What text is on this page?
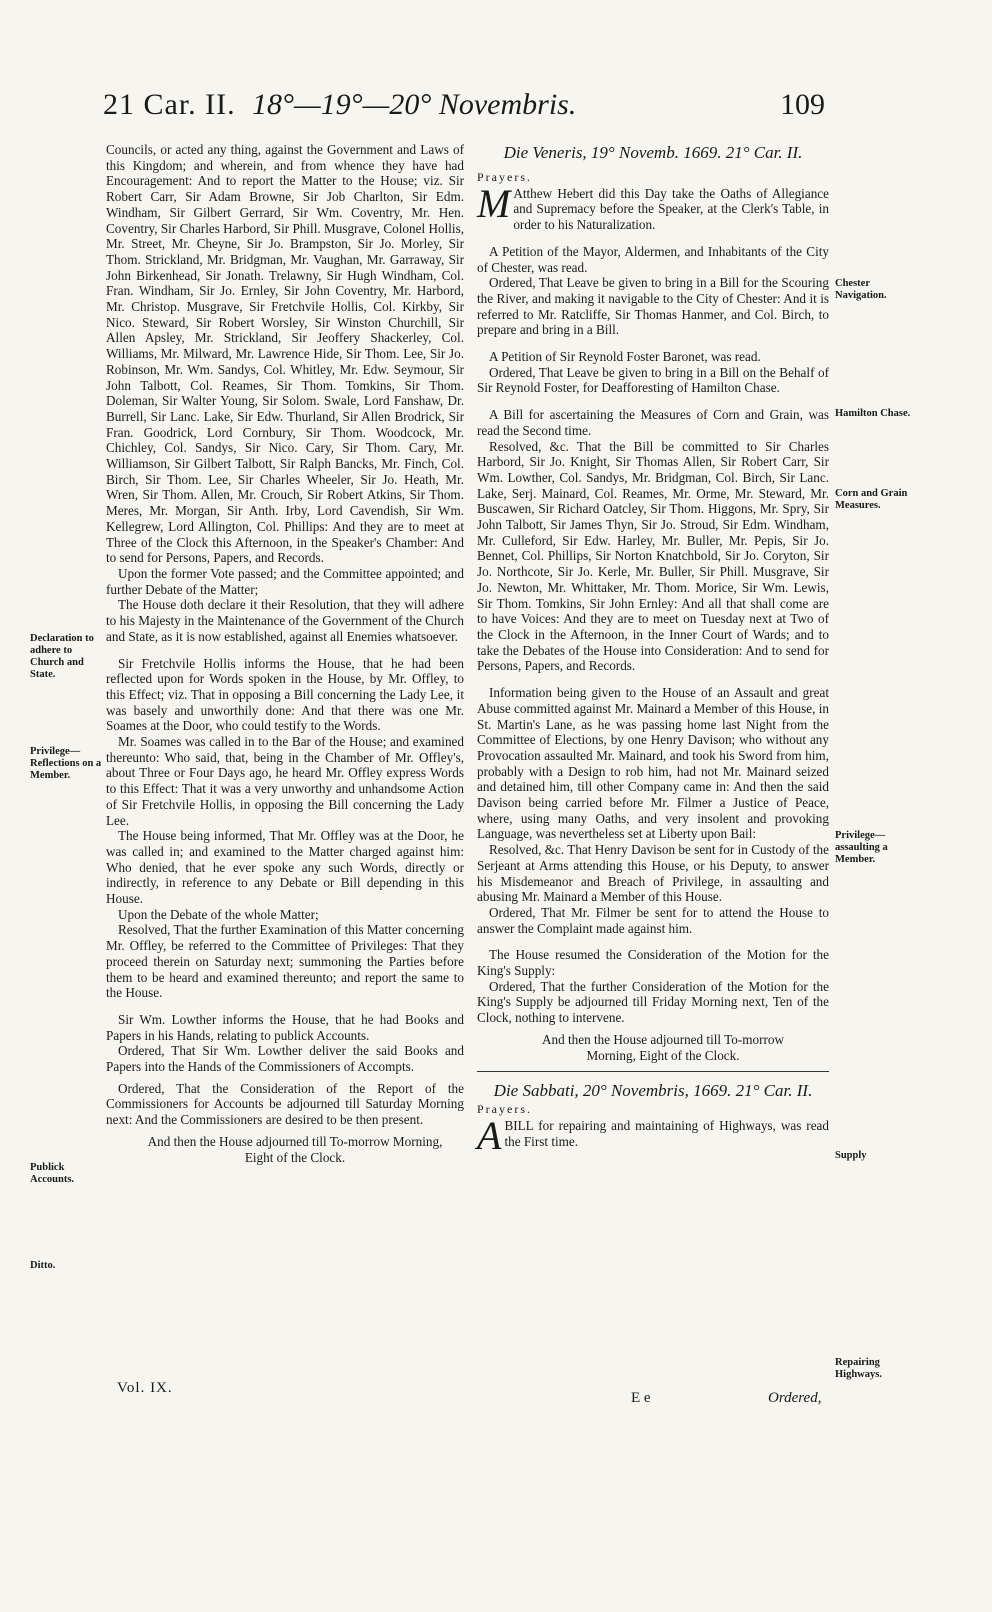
21 Car. II. 18°—19°—20° Novembris.	109
Declaration to adhere to Church and State.
Privilege—Reflections on a Member.
Publick Accounts.
Ditto.
Chester Navigation.
Hamilton Chase.
Corn and Grain Measures.
Privilege—assaulting a Member.
Supply
Repairing Highways.

Councils, or acted any thing, against the Government and Laws of this Kingdom; and wherein, and from whence they have had Encouragement: And to report the Matter to the House; viz. Sir Robert Carr, Sir Adam Browne, Sir Job Charlton, Sir Edm. Windham, Sir Gilbert Gerrard, Sir Wm. Coventry, Mr. Hen. Coventry, Sir Charles Harbord, Sir Phill. Musgrave, Colonel Hollis, Mr. Street, Mr. Cheyne, Sir Jo. Brampston, Sir Jo. Morley, Sir Thom. Strickland, Mr. Bridgman, Mr. Vaughan, Mr. Garraway, Sir John Birkenhead, Sir Jonath. Trelawny, Sir Hugh Windham, Col. Fran. Windham, Sir Jo. Ernley, Sir John Coventry, Mr. Harbord, Mr. Christop. Musgrave, Sir Fretchvile Hollis, Col. Kirkby, Sir Nico. Steward, Sir Robert Worsley, Sir Winston Churchill, Sir Allen Apsley, Mr. Strickland, Sir Jeoffery Shackerley, Col. Williams, Mr. Milward, Mr. Lawrence Hide, Sir Thom. Lee, Sir Jo. Robinson, Mr. Wm. Sandys, Col. Whitley, Mr. Edw. Seymour, Sir John Talbott, Col. Reames, Sir Thom. Tomkins, Sir Thom. Doleman, Sir Walter Young, Sir Solom. Swale, Lord Fanshaw, Dr. Burrell, Sir Lanc. Lake, Sir Edw. Thurland, Sir Allen Brodrick, Sir Fran. Goodrick, Lord Cornbury, Sir Thom. Woodcock, Mr. Chichley, Col. Sandys, Sir Nico. Cary, Sir Thom. Cary, Mr. Williamson, Sir Gilbert Talbott, Sir Ralph Bancks, Mr. Finch, Col. Birch, Sir Thom. Lee, Sir Charles Wheeler, Sir Jo. Heath, Mr. Wren, Sir Thom. Allen, Mr. Crouch, Sir Robert Atkins, Sir Thom. Meres, Mr. Morgan, Sir Anth. Irby, Lord Cavendish, Sir Wm. Kellegrew, Lord Allington, Col. Phillips: And they are to meet at Three of the Clock this Afternoon, in the Speaker's Chamber: And to send for Persons, Papers, and Records.

Upon the former Vote passed; and the Committee appointed; and further Debate of the Matter;

The House doth declare it their Resolution, that they will adhere to his Majesty in the Maintenance of the Government of the Church and State, as it is now established, against all Enemies whatsoever.

Sir Fretchvile Hollis informs the House, that he had been reflected upon for Words spoken in the House, by Mr. Offley, to this Effect; viz. That in opposing a Bill concerning the Lady Lee, it was basely and unworthily done: And that there was one Mr. Soames at the Door, who could testify to the Words.

Mr. Soames was called in to the Bar of the House; and examined thereunto: Who said, that, being in the Chamber of Mr. Offley's, about Three or Four Days ago, he heard Mr. Offley express Words to this Effect: That it was a very unworthy and unhandsome Action of Sir Fretchvile Hollis, in opposing the Bill concerning the Lady Lee.

The House being informed, That Mr. Offley was at the Door, he was called in; and examined to the Matter charged against him: Who denied, that he ever spoke any such Words, directly or indirectly, in reference to any Debate or Bill depending in this House.

Upon the Debate of the whole Matter;

Resolved, That the further Examination of this Matter concerning Mr. Offley, be referred to the Committee of Privileges: That they proceed therein on Saturday next; summoning the Parties before them to be heard and examined thereunto; and report the same to the House.

Sir Wm. Lowther informs the House, that he had Books and Papers in his Hands, relating to publick Accounts.

Ordered, That Sir Wm. Lowther deliver the said Books and Papers into the Hands of the Commissioners of Accompts.

Ordered, That the Consideration of the Report of the Commissioners for Accounts be adjourned till Saturday Morning next: And the Commissioners are desired to be then present.

And then the House adjourned till To-morrow Morning, Eight of the Clock.

Die Veneris, 19° Novemb. 1669. 21° Car. II.

Prayers.

M Atthew Hebert did this Day take the Oaths of Allegiance and Supremacy before the Speaker, at the Clerk's Table, in order to his Naturalization.

A Petition of the Mayor, Aldermen, and Inhabitants of the City of Chester, was read.

Ordered, That Leave be given to bring in a Bill for the Scouring the River, and making it navigable to the City of Chester: And it is referred to Mr. Ratcliffe, Sir Thomas Hanmer, and Col. Birch, to prepare and bring in a Bill.

A Petition of Sir Reynold Foster Baronet, was read.

Ordered, That Leave be given to bring in a Bill on the Behalf of Sir Reynold Foster, for Deafforesting of Hamilton Chase.

A Bill for ascertaining the Measures of Corn and Grain, was read the Second time.

Resolved, &c. That the Bill be committed to Sir Charles Harbord, Sir Jo. Knight, Sir Thomas Allen, Sir Robert Carr, Sir Wm. Lowther, Col. Sandys, Mr. Bridgman, Col. Birch, Sir Lanc. Lake, Serj. Mainard, Col. Reames, Mr. Orme, Mr. Steward, Mr. Buscawen, Sir Richard Oatcley, Sir Thom. Higgons, Mr. Spry, Sir John Talbott, Sir James Thyn, Sir Jo. Stroud, Sir Edm. Windham, Mr. Culleford, Sir Edw. Harley, Mr. Buller, Mr. Pepis, Sir Jo. Bennet, Col. Phillips, Sir Norton Knatchbold, Sir Jo. Coryton, Sir Jo. Northcote, Sir Jo. Kerle, Mr. Buller, Sir Phill. Musgrave, Sir Jo. Newton, Mr. Whittaker, Mr. Thom. Morice, Sir Wm. Lewis, Sir Thom. Tomkins, Sir John Ernley: And all that shall come are to have Voices: And they are to meet on Tuesday next at Two of the Clock in the Afternoon, in the Inner Court of Wards; and to take the Debates of the House into Consideration: And to send for Persons, Papers, and Records.

Information being given to the House of an Assault and great Abuse committed against Mr. Mainard a Member of this House, in St. Martin's Lane, as he was passing home last Night from the Committee of Elections, by one Henry Davison; who without any Provocation assaulted Mr. Mainard, and took his Sword from him, probably with a Design to rob him, had not Mr. Mainard seized and detained him, till other Company came in: And then the said Davison being carried before Mr. Filmer a Justice of Peace, where, using many Oaths, and very insolent and provoking Language, was nevertheless set at Liberty upon Bail:

Resolved, &c. That Henry Davison be sent for in Custody of the Serjeant at Arms attending this House, or his Deputy, to answer his Misdemeanor and Breach of Privilege, in assaulting and abusing Mr. Mainard a Member of this House.

Ordered, That Mr. Filmer be sent for to attend the House to answer the Complaint made against him.

The House resumed the Consideration of the Motion for the King's Supply:

Ordered, That the further Consideration of the Motion for the King's Supply be adjourned till Friday Morning next, Ten of the Clock, nothing to intervene.

And then the House adjourned till To-morrow Morning, Eight of the Clock.

Die Sabbati, 20° Novembris, 1669. 21° Car. II.

Prayers.

ABILL for repairing and maintaining of Highways, was read the First time.

Vol. IX.
E e	Ordered,
